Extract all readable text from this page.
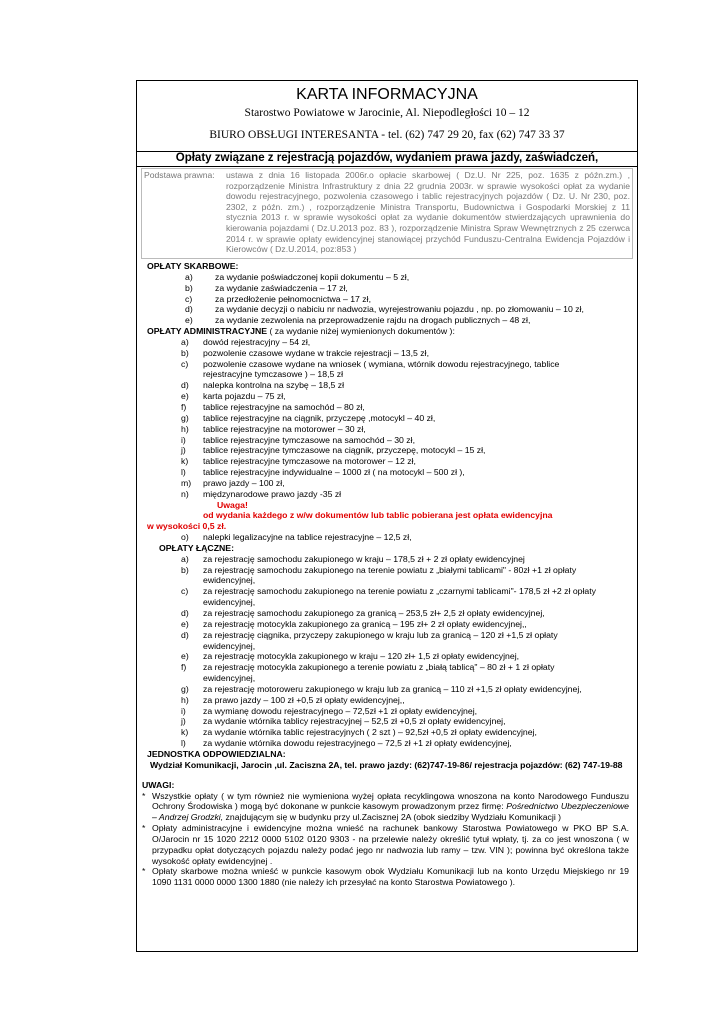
KARTA INFORMACYJNA
Starostwo Powiatowe w Jarocinie, Al. Niepodległości 10 – 12
BIURO OBSŁUGI INTERESANTA - tel. (62) 747 29 20, fax (62) 747 33 37
Opłaty związane z rejestracją pojazdów, wydaniem prawa jazdy, zaświadczeń,
Podstawa prawna:	ustawa z dnia 16 listopada 2006r.o opłacie skarbowej ( Dz.U. Nr 225, poz. 1635 z późn.zm.) , rozporządzenie Ministra Infrastruktury z dnia 22 grudnia 2003r. w sprawie wysokości opłat za wydanie dowodu rejestracyjnego, pozwolenia czasowego i tablic rejestracyjnych pojazdów ( Dz. U. Nr 230, poz. 2302, z późn. zm.) , rozporządzenie Ministra Transportu, Budownictwa i Gospodarki Morskiej z 11 stycznia 2013 r. w sprawie wysokości opłat za wydanie dokumentów stwierdzających uprawnienia do kierowania pojazdami ( Dz.U.2013 poz. 83 ), rozporządzenie Ministra Spraw Wewnętrznych z 25 czerwca 2014 r. w sprawie opłaty ewidencyjnej stanowiącej przychód Funduszu-Centralna Ewidencja Pojazdów i Kierowców ( Dz.U.2014, poz:853 )
OPŁATY SKARBOWE:
a)	za wydanie poświadczonej kopii dokumentu – 5 zł,
b)	za wydanie zaświadczenia – 17 zł,
c)	za przedłożenie pełnomocnictwa – 17 zł,
d)	za wydanie decyzji o nabiciu nr nadwozia, wyrejestrowaniu pojazdu , np. po złomowaniu – 10 zł,
e)	za wydanie zezwolenia na przeprowadzenie rajdu na drogach publicznych – 48 zł,
OPŁATY ADMINISTRACYJNE ( za wydanie niżej wymienionych dokumentów ):
a)	dowód rejestracyjny – 54 zł,
b)	pozwolenie czasowe wydane w trakcie rejestracji – 13,5 zł,
c)	pozwolenie czasowe wydane na wniosek ( wymiana, wtórnik dowodu rejestracyjnego, tablice rejestracyjne tymczasowe ) – 18,5 zł
d)	nalepka kontrolna na szybę – 18,5 zł
e)	karta pojazdu – 75 zł,
f)	tablice rejestracyjne na samochód – 80 zł,
g)	tablice rejestracyjne na ciągnik, przyczepę ,motocykl – 40 zł,
h)	tablice rejestracyjne na motorower – 30 zł,
i)	tablice rejestracyjne tymczasowe na samochód – 30 zł,
j)	tablice rejestracyjne tymczasowe na ciągnik, przyczepę, motocykl – 15 zł,
k)	tablice rejestracyjne tymczasowe na motorower – 12 zł,
l)	tablice rejestracyjne indywidualne – 1000 zł ( na motocykl – 500 zł ),
m)	prawo jazdy – 100 zł,
n)	międzynarodowe prawo jazdy -35 zł
Uwaga!
od wydania każdego z w/w dokumentów lub tablic pobierana jest opłata ewidencyjna
w wysokości 0,5 zł.
o)	nalepki legalizacyjne na tablice rejestracyjne – 12,5 zł,
OPŁATY ŁĄCZNE:
a)	za rejestrację samochodu zakupionego w kraju – 178,5 zł + 2 zł opłaty ewidencyjnej
b)	za rejestrację samochodu zakupionego na terenie powiatu z „białymi tablicami" - 80zł +1 zł opłaty ewidencyjnej,
c)	za rejestrację samochodu zakupionego na terenie powiatu z „czarnymi tablicami"- 178,5 zł +2 zł opłaty ewidencyjnej,
d)	za rejestrację samochodu zakupionego za granicą – 253,5 zł+ 2,5 zł opłaty ewidencyjnej,
e)	za rejestrację motocykla zakupionego za granicą – 195 zł+ 2 zł opłaty ewidencyjnej,,
d)	za rejestrację ciągnika, przyczepy zakupionego w kraju lub za granicą – 120 zł +1,5 zł opłaty ewidencyjnej,
e)	za rejestrację motocykla zakupionego w kraju – 120 zł+ 1,5 zł opłaty ewidencyjnej,
f)	za rejestrację motocykla zakupionego a terenie powiatu z „białą tablicą" – 80 zł + 1 zł opłaty ewidencyjnej,
g)	za rejestrację motoroweru zakupionego w kraju lub za granicą – 110 zł +1,5 zł opłaty ewidencyjnej,
h)	za prawo jazdy – 100 zł +0,5 zł opłaty ewidencyjnej,,
i)	za wymianę dowodu rejestracyjnego – 72,5zł +1 zł opłaty ewidencyjnej,
j)	za wydanie wtórnika tablicy rejestracyjnej – 52,5 zł +0,5 zł opłaty ewidencyjnej,
k)	za wydanie wtórnika tablic rejestracyjnych ( 2 szt ) – 92,5zł +0,5 zł opłaty ewidencyjnej,
l)	za wydanie wtórnika dowodu rejestracyjnego – 72,5 zł +1 zł opłaty ewidencyjnej,
JEDNOSTKA ODPOWIEDZIALNA:
Wydział Komunikacji, Jarocin ,ul. Zaciszna 2A, tel. prawo jazdy: (62)747-19-86/ rejestracja pojazdów: (62) 747-19-88
UWAGI:
* Wszystkie opłaty ( w tym również nie wymieniona wyżej opłata recyklingowa wnoszona na konto Narodowego Funduszu Ochrony Środowiska ) mogą być dokonane w punkcie kasowym prowadzonym przez firmę: Pośrednictwo Ubezpieczeniowe – Andrzej Grodzki, znajdującym się w budynku przy ul.Zacisznej 2A (obok siedziby Wydziału Komunikacji )
* Opłaty administracyjne i ewidencyjne można wnieść na rachunek bankowy Starostwa Powiatowego w PKO BP S.A. O/Jarocin nr 15 1020 2212 0000 5102 0120 9303 - na przelewie należy określić tytuł wpłaty, tj. za co jest wnoszona ( w przypadku opłat dotyczących pojazdu należy podać jego nr nadwozia lub ramy – tzw. VIN ); powinna być określona także wysokość opłaty ewidencyjnej .
* Opłaty skarbowe można wnieść w punkcie kasowym obok Wydziału Komunikacji lub na konto Urzędu Miejskiego nr 19 1090 1131 0000 0000 1300 1880 (nie należy ich przesyłać na konto Starostwa Powiatowego ).
